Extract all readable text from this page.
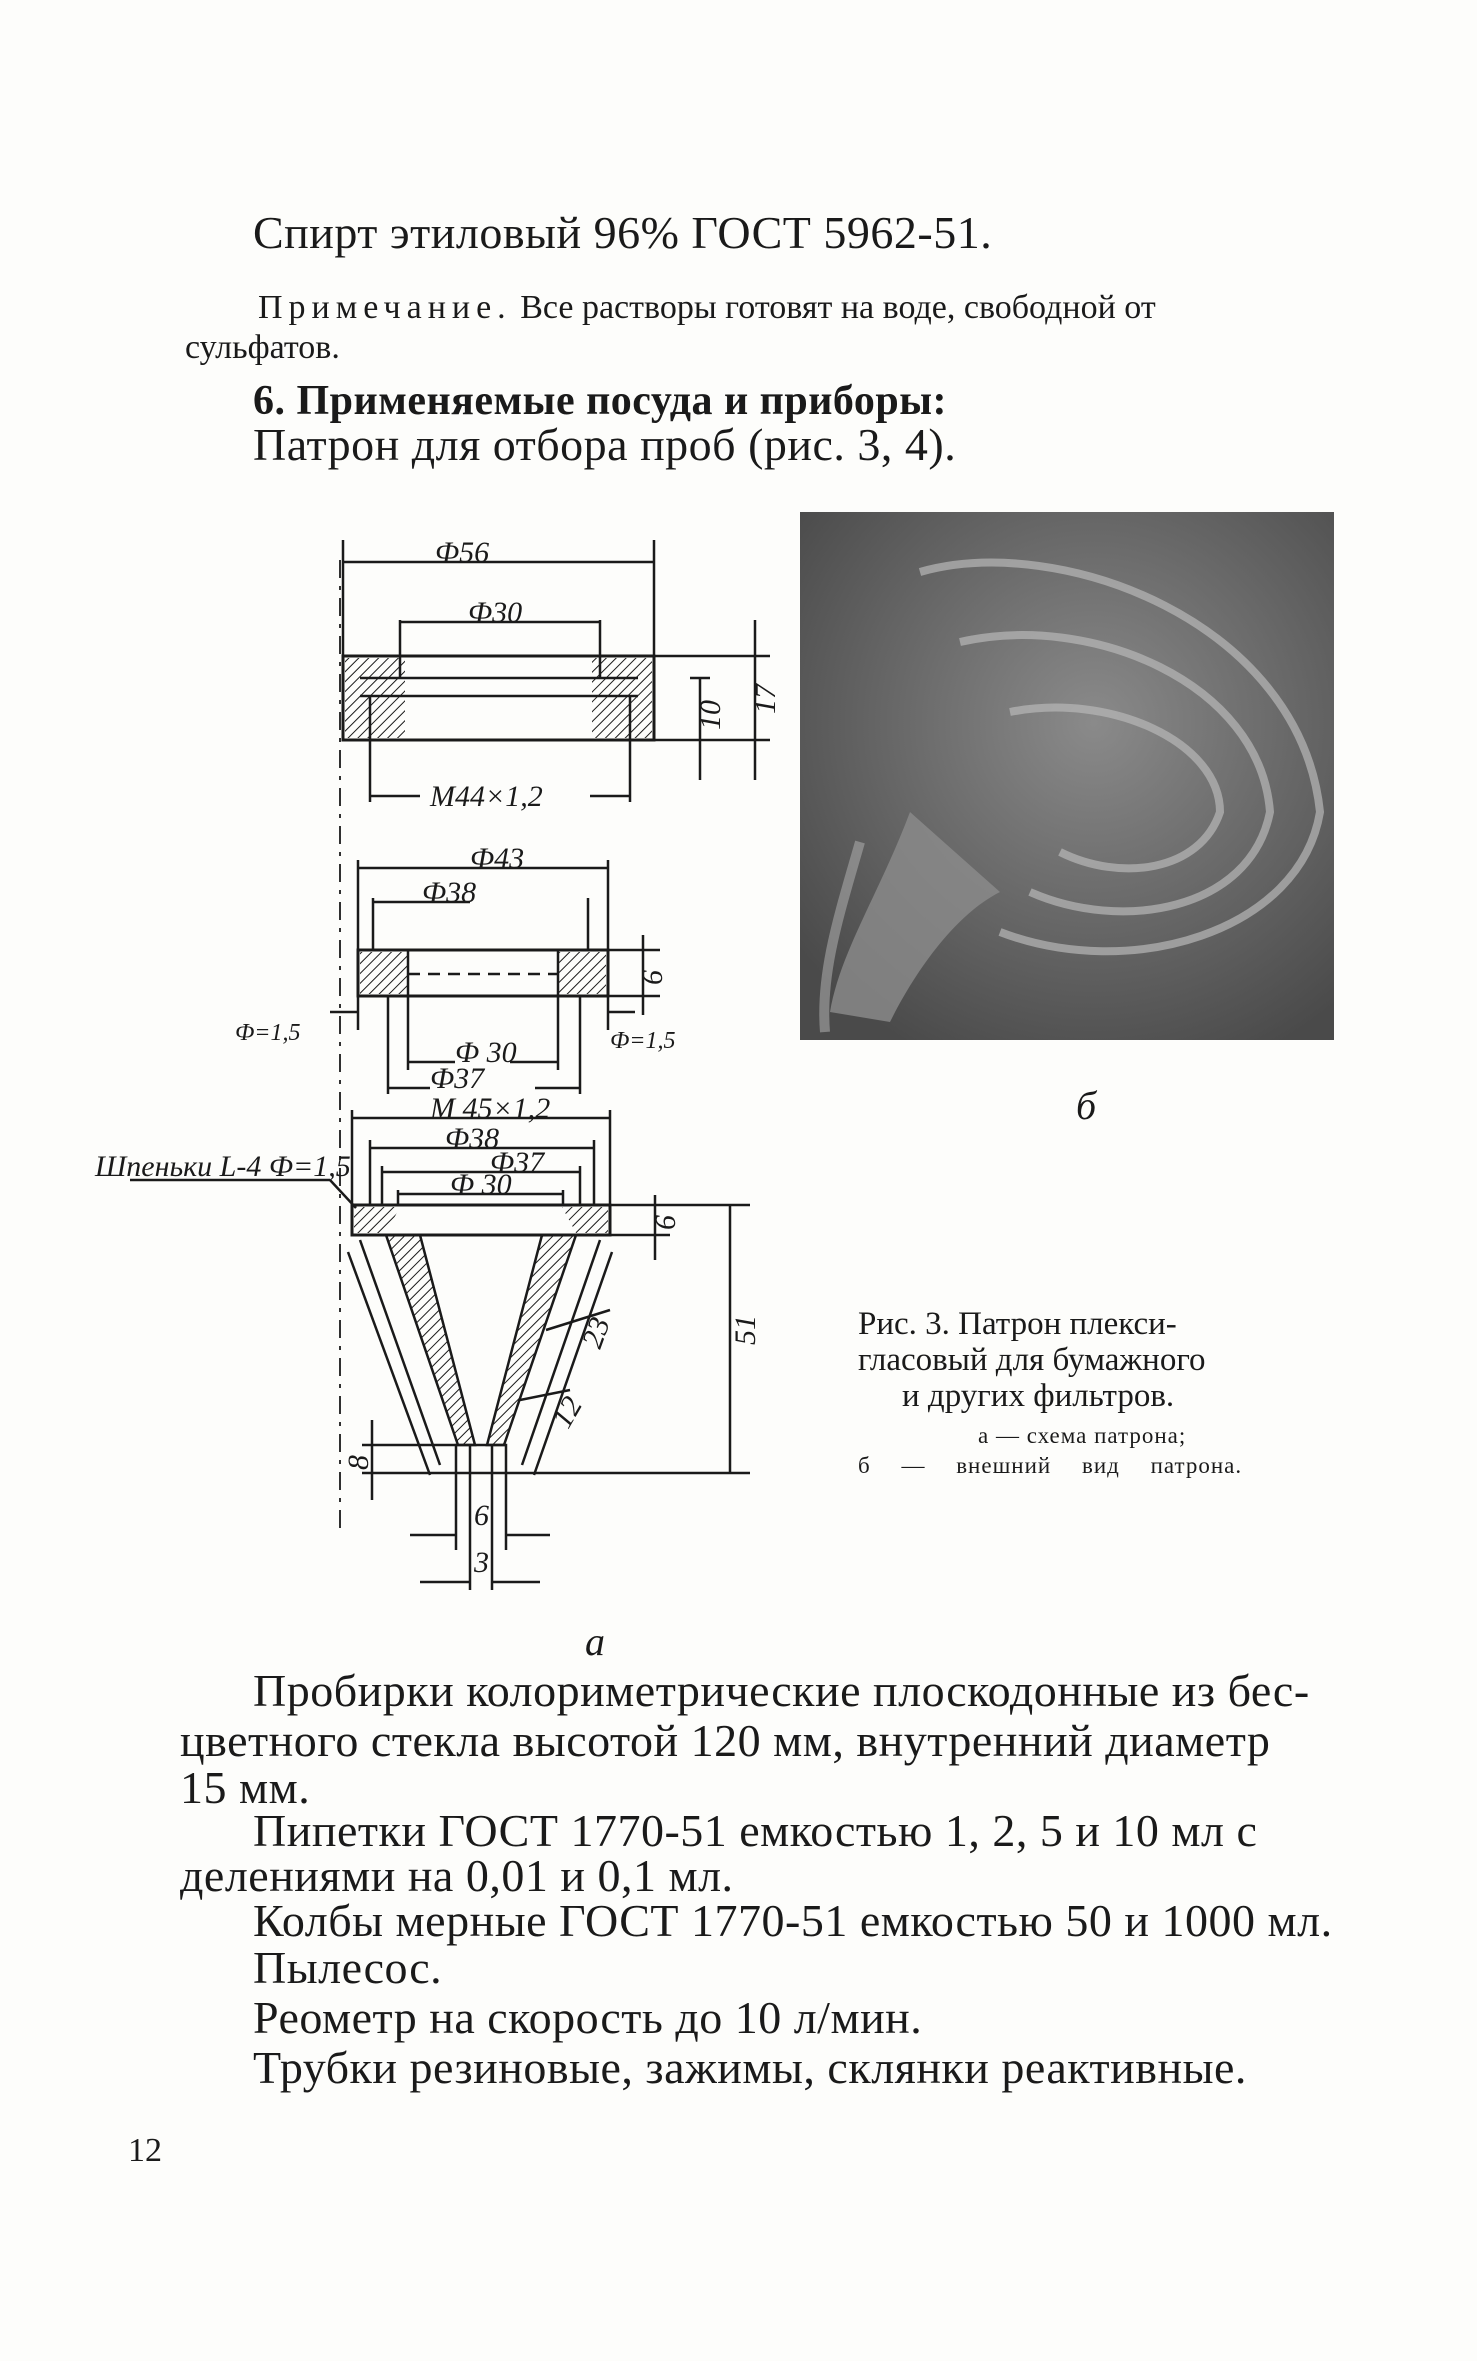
Спирт этиловый 96% ГОСТ 5962-51.

Примечание. Все растворы готовят на воде, свободной от

сульфатов.

6. Применяемые посуда и приборы:

Патрон для отбора проб (рис. 3, 4).

Ф56
Ф30
17
10
М44×1,2
Ф43
Ф38
6
Ф=1,5	Ф=1,5
Ф 30
Ф37
М 45×1,2
Ф38
Ф37
Ф 30
Шпеньки L-4 Ф=1,5
6
51
23
12
8
6
3

б

Рис. 3. Патрон плекси-

гласовый для бумажного

и других фильтров.

а — схема патрона;

б — внешний вид патрона.

а

Пробирки колориметрические плоскодонные из бес-

цветного стекла высотой 120 мм, внутренний диаметр

15 мм.

Пипетки ГОСТ 1770-51 емкостью 1, 2, 5 и 10 мл с

делениями на 0,01 и 0,1 мл.

Колбы мерные ГОСТ 1770-51 емкостью 50 и 1000 мл.

Пылесос.

Реометр на скорость до 10 л/мин.

Трубки резиновые, зажимы, склянки реактивные.

12
